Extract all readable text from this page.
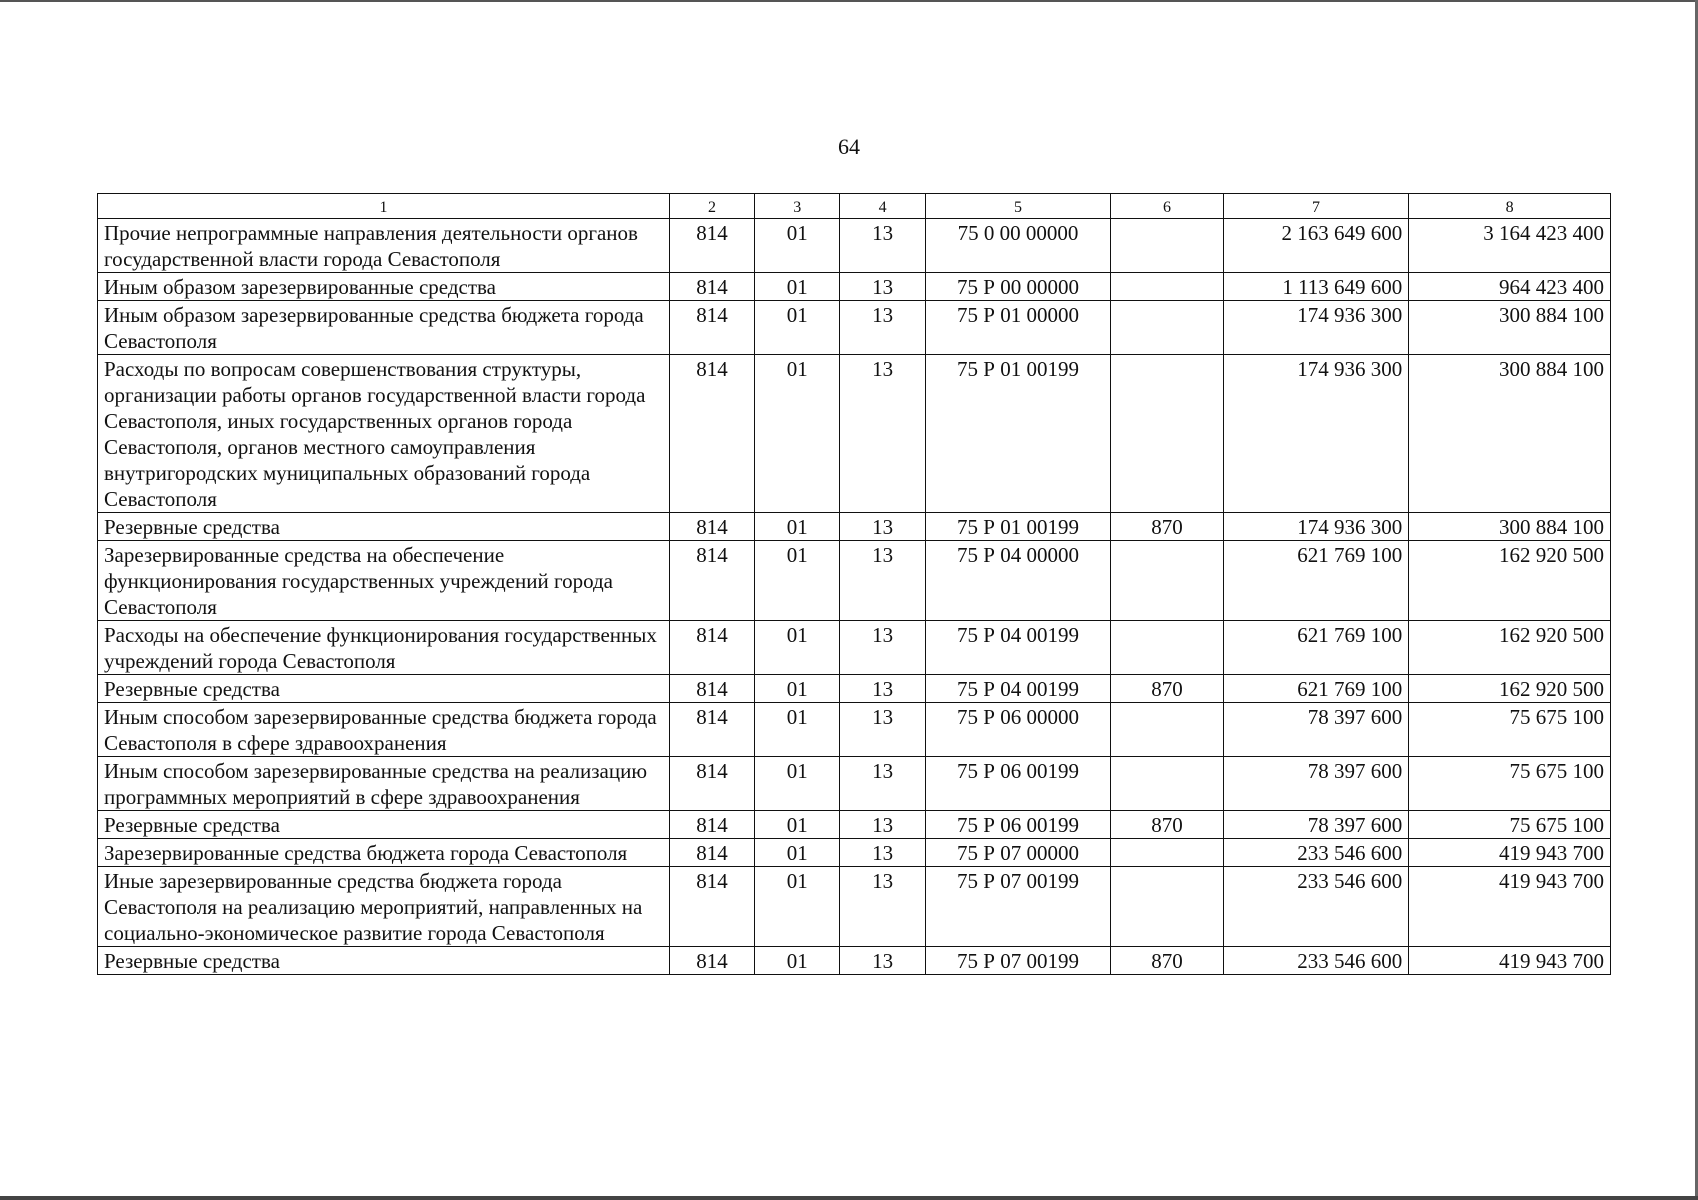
64
1	2	3	4	5	6	7	8
Прочие непрограммные направления деятельности органов государственной власти города Севастополя	814	01	13	75 0 00 00000		2 163 649 600	3 164 423 400
Иным образом зарезервированные средства	814	01	13	75 Р 00 00000		1 113 649 600	964 423 400
Иным образом зарезервированные средства бюджета города Севастополя	814	01	13	75 Р 01 00000		174 936 300	300 884 100
Расходы по вопросам совершенствования структуры, организации работы органов государственной власти города Севастополя, иных государственных органов города Севастополя, органов местного самоуправления внутригородских муниципальных образований города Севастополя	814	01	13	75 Р 01 00199		174 936 300	300 884 100
Резервные средства	814	01	13	75 Р 01 00199	870	174 936 300	300 884 100
Зарезервированные средства на обеспечение функционирования государственных учреждений города Севастополя	814	01	13	75 Р 04 00000		621 769 100	162 920 500
Расходы на обеспечение функционирования государственных учреждений города Севастополя	814	01	13	75 Р 04 00199		621 769 100	162 920 500
Резервные средства	814	01	13	75 Р 04 00199	870	621 769 100	162 920 500
Иным способом зарезервированные средства бюджета города Севастополя в сфере здравоохранения	814	01	13	75 Р 06 00000		78 397 600	75 675 100
Иным способом зарезервированные средства на реализацию программных мероприятий в сфере здравоохранения	814	01	13	75 Р 06 00199		78 397 600	75 675 100
Резервные средства	814	01	13	75 Р 06 00199	870	78 397 600	75 675 100
Зарезервированные средства бюджета города Севастополя	814	01	13	75 Р 07 00000		233 546 600	419 943 700
Иные зарезервированные средства бюджета города Севастополя на реализацию мероприятий, направленных на социально-экономическое развитие города Севастополя	814	01	13	75 Р 07 00199		233 546 600	419 943 700
Резервные средства	814	01	13	75 Р 07 00199	870	233 546 600	419 943 700
